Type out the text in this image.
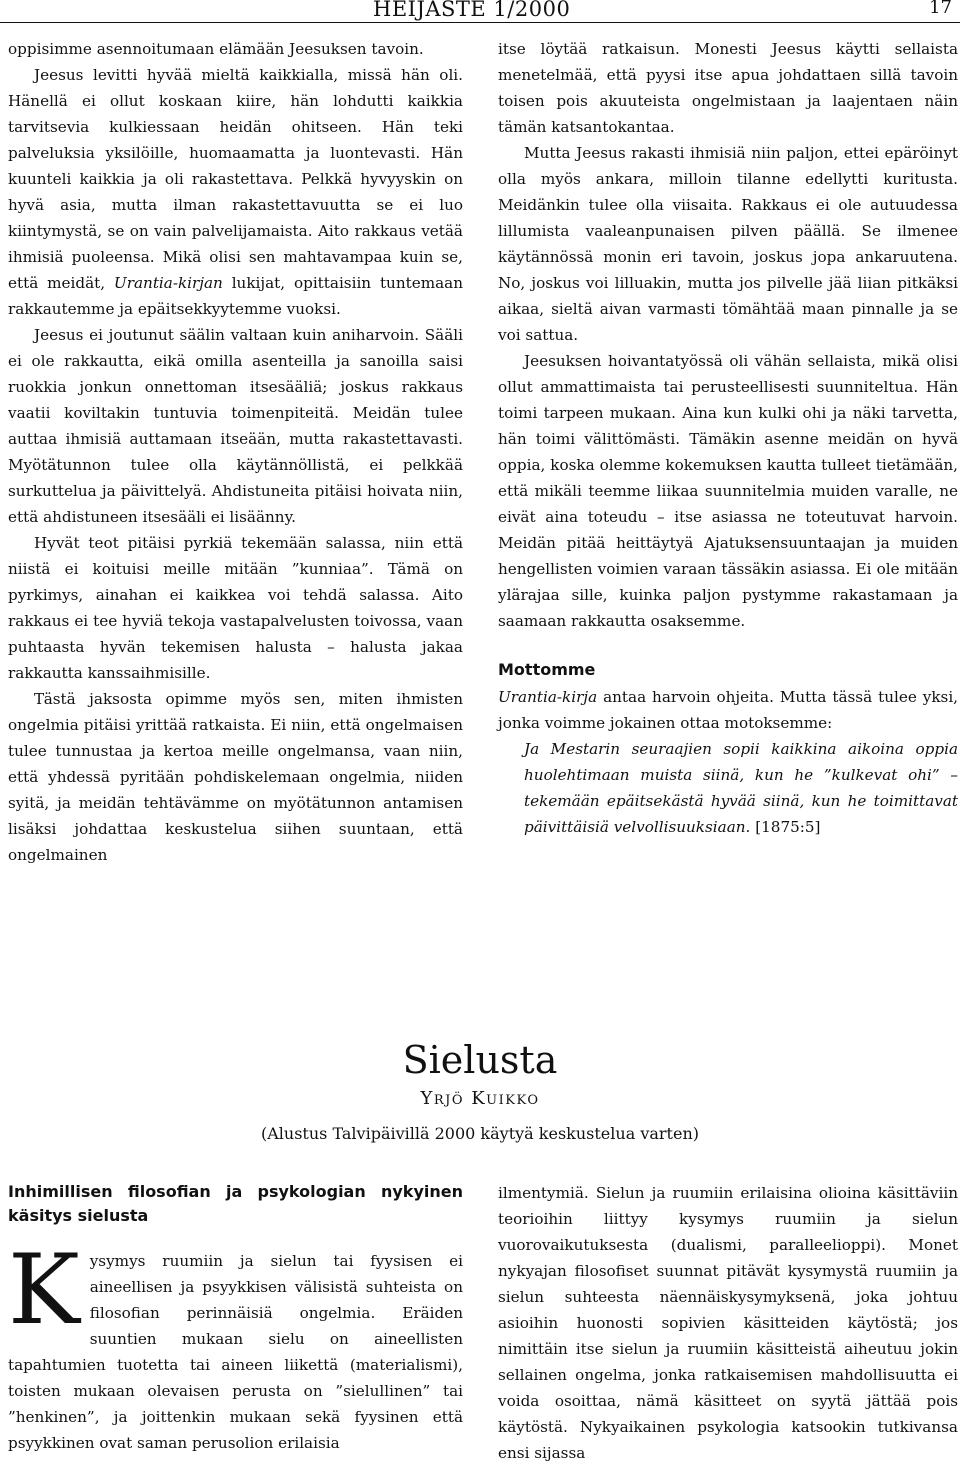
HEIJASTE 1/2000	17

oppisimme asennoitumaan elämään Jeesuksen tavoin.

Jeesus levitti hyvää mieltä kaikkialla, missä hän oli. Hänellä ei ollut koskaan kiire, hän lohdutti kaikkia tarvitsevia kulkiessaan heidän ohitseen. Hän teki palveluksia yksilöille, huomaamatta ja luontevasti. Hän kuunteli kaikkia ja oli rakastettava. Pelkkä hyvyyskin on hyvä asia, mutta ilman rakastettavuutta se ei luo kiintymystä, se on vain palvelijamaista. Aito rakkaus vetää ihmisiä puoleensa. Mikä olisi sen mahtavampaa kuin se, että meidät, Urantia-kirjan lukijat, opittaisiin tuntemaan rakkautemme ja epäitsekkyytemme vuoksi.

Jeesus ei joutunut säälin valtaan kuin aniharvoin. Sääli ei ole rakkautta, eikä omilla asenteilla ja sanoilla saisi ruokkia jonkun onnettoman itsesääliä; joskus rakkaus vaatii koviltakin tuntuvia toimenpiteitä. Meidän tulee auttaa ihmisiä auttamaan itseään, mutta rakastettavasti. Myötätunnon tulee olla käytännöllistä, ei pelkkää surkuttelua ja päivittelyä. Ahdistuneita pitäisi hoivata niin, että ahdistuneen itsesääli ei lisäänny.

Hyvät teot pitäisi pyrkiä tekemään salassa, niin että niistä ei koituisi meille mitään ”kunniaa”. Tämä on pyrkimys, ainahan ei kaikkea voi tehdä salassa. Aito rakkaus ei tee hyviä tekoja vastapalvelusten toivossa, vaan puhtaasta hyvän tekemisen halusta – halusta jakaa rakkautta kanssaihmisille.

Tästä jaksosta opimme myös sen, miten ihmisten ongelmia pitäisi yrittää ratkaista. Ei niin, että ongelmaisen tulee tunnustaa ja kertoa meille ongelmansa, vaan niin, että yhdessä pyritään pohdiskelemaan ongelmia, niiden syitä, ja meidän tehtävämme on myötätunnon antamisen lisäksi johdattaa keskustelua siihen suuntaan, että ongelmainen

itse löytää ratkaisun. Monesti Jeesus käytti sellaista menetelmää, että pyysi itse apua johdattaen sillä tavoin toisen pois akuuteista ongelmistaan ja laajentaen näin tämän katsantokantaa.

Mutta Jeesus rakasti ihmisiä niin paljon, ettei epäröinyt olla myös ankara, milloin tilanne edellytti kuritusta. Meidänkin tulee olla viisaita. Rakkaus ei ole autuudessa lillumista vaaleanpunaisen pilven päällä. Se ilmenee käytännössä monin eri tavoin, joskus jopa ankaruutena. No, joskus voi lilluakin, mutta jos pilvelle jää liian pitkäksi aikaa, sieltä aivan varmasti tömähtää maan pinnalle ja se voi sattua.

Jeesuksen hoivantatyössä oli vähän sellaista, mikä olisi ollut ammattimaista tai perusteellisesti suunniteltua. Hän toimi tarpeen mukaan. Aina kun kulki ohi ja näki tarvetta, hän toimi välittömästi. Tämäkin asenne meidän on hyvä oppia, koska olemme kokemuksen kautta tulleet tietämään, että mikäli teemme liikaa suunnitelmia muiden varalle, ne eivät aina toteudu – itse asiassa ne toteutuvat harvoin. Meidän pitää heittäytyä Ajatuksensuuntaajan ja muiden hengellisten voimien varaan tässäkin asiassa. Ei ole mitään ylärajaa sille, kuinka paljon pystymme rakastamaan ja saamaan rakkautta osaksemme.

Mottomme

Urantia-kirja antaa harvoin ohjeita. Mutta tässä tulee yksi, jonka voimme jokainen ottaa motoksemme:

Ja Mestarin seuraajien sopii kaikkina aikoina oppia huolehtimaan muista siinä, kun he ”kulkevat ohi” – tekemään epäitsekästä hyvää siinä, kun he toimittavat päivittäisiä velvollisuuksiaan. [1875:5]

Sielusta
Yrjö Kuikko
(Alustus Talvipäivillä 2000 käytyä keskustelua varten)
Inhimillisen filosofian ja psykologian nykyinen käsitys sielusta

Kysymys ruumiin ja sielun tai fyysisen ei aineellisen ja psyykkisen välisistä suhteista on filosofian perinnäisiä ongelmia. Eräiden suuntien mukaan sielu on aineellisten tapahtumien tuotetta tai aineen liikettä (materialismi), toisten mukaan olevaisen perusta on ”sielullinen” tai ”henkinen”, ja joittenkin mukaan sekä fyysinen että psyykkinen ovat saman perusolion erilaisia

ilmentymiä. Sielun ja ruumiin erilaisina olioina käsittäviin teorioihin liittyy kysymys ruumiin ja sielun vuorovaikutuksesta (dualismi, paralleelioppi). Monet nykyajan filosofiset suunnat pitävät kysymystä ruumiin ja sielun suhteesta näennäiskysymyksenä, joka johtuu asioihin huonosti sopivien käsitteiden käytöstä; jos nimittäin itse sielun ja ruumiin käsitteistä aiheutuu jokin sellainen ongelma, jonka ratkaisemisen mahdollisuutta ei voida osoittaa, nämä käsitteet on syytä jättää pois käytöstä. Nykyaikainen psykologia katsookin tutkivansa ensi sijassa
